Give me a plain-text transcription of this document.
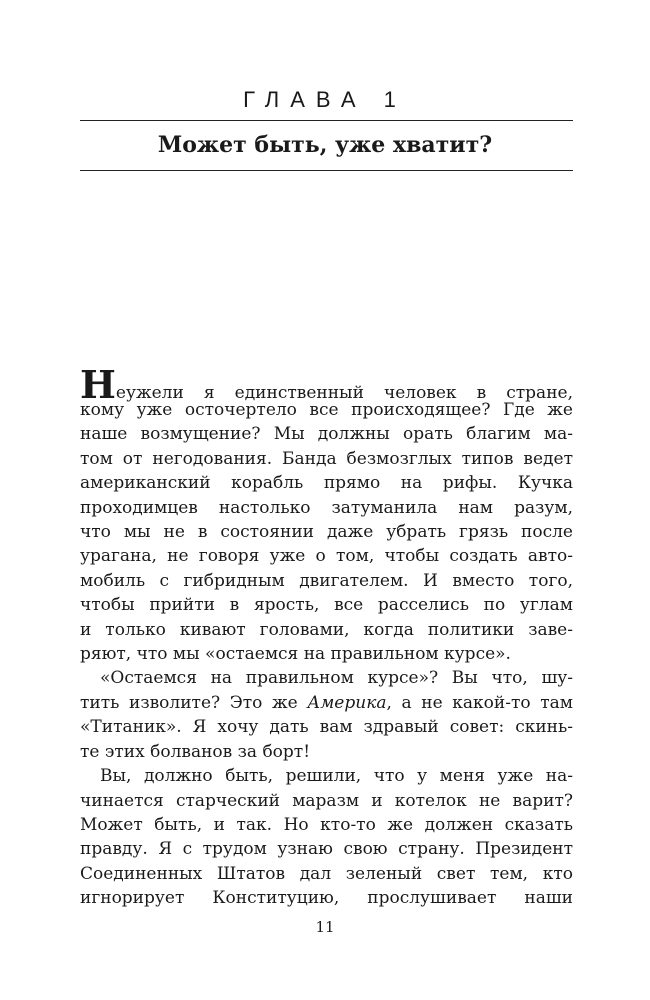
ГЛАВА 1
Может быть, уже хватит?

Неужели я единственный человек в стране,
кому уже осточертело все происходящее? Где же
наше возмущение? Мы должны орать благим ма-
том от негодования. Банда безмозглых типов ведет
американский корабль прямо на рифы. Кучка
проходимцев настолько затуманила нам разум,
что мы не в состоянии даже убрать грязь после
урагана, не говоря уже о том, чтобы создать авто-
мобиль с гибридным двигателем. И вместо того,
чтобы прийти в ярость, все расселись по углам
и только кивают головами, когда политики заве-
ряют, что мы «остаемся на правильном курсе».

«Остаемся на правильном курсе»? Вы что, шу-
тить изволите? Это же Америка, а не какой-то там
«Титаник». Я хочу дать вам здравый совет: скинь-
те этих болванов за борт!

Вы, должно быть, решили, что у меня уже на-
чинается старческий маразм и котелок не варит?
Может быть, и так. Но кто-то же должен сказать
правду. Я с трудом узнаю свою страну. Президент
Соединенных Штатов дал зеленый свет тем, кто
игнорирует Конституцию, прослушивает наши

11
